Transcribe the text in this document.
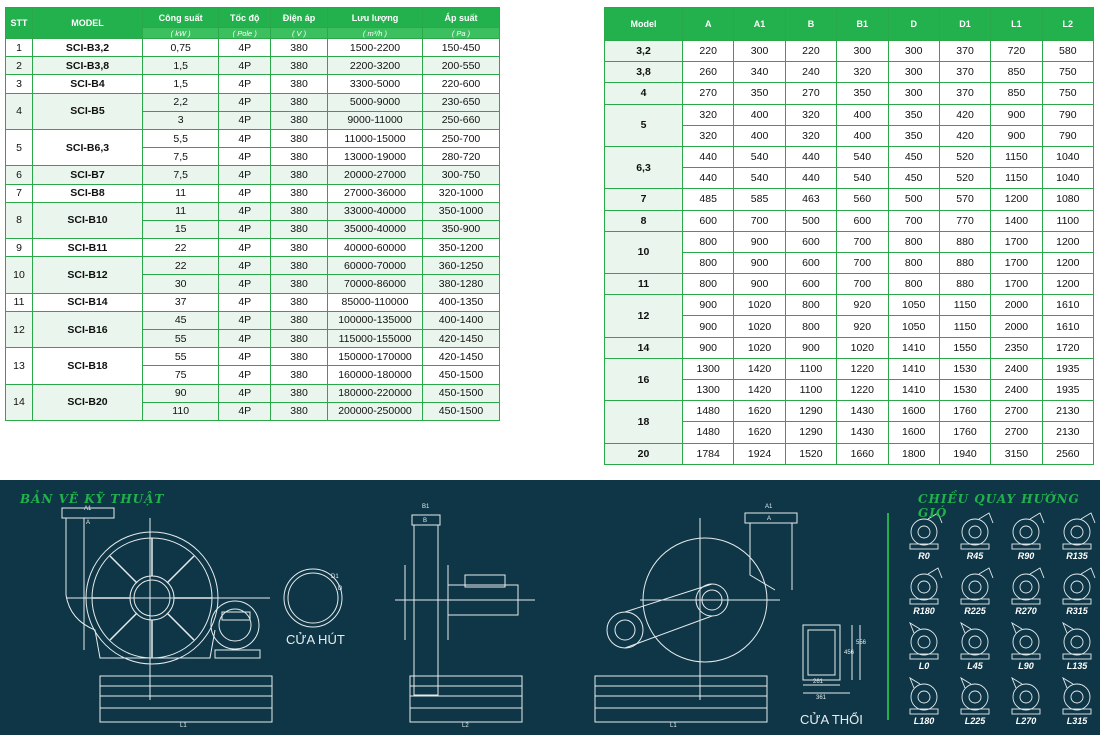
STT	MODEL	Công suất	Tốc độ	Điện áp	Lưu lượng	Áp suất
		( kW )	( Pole )	( V )	( m³/h )	( Pa )
1	SCI-B3,2	0,75	4P	380	1500-2200	150-450
2	SCI-B3,8	1,5	4P	380	2200-3200	200-550
3	SCI-B4	1,5	4P	380	3300-5000	220-600
4	SCI-B5	2,2	4P	380	5000-9000	230-650
		3	4P	380	9000-11000	250-660
5	SCI-B6,3	5,5	4P	380	11000-15000	250-700
		7,5	4P	380	13000-19000	280-720
6	SCI-B7	7,5	4P	380	20000-27000	300-750
7	SCI-B8	11	4P	380	27000-36000	320-1000
8	SCI-B10	11	4P	380	33000-40000	350-1000
		15	4P	380	35000-40000	350-900
9	SCI-B11	22	4P	380	40000-60000	350-1200
10	SCI-B12	22	4P	380	60000-70000	360-1250
		30	4P	380	70000-86000	380-1280
11	SCI-B14	37	4P	380	85000-110000	400-1350
12	SCI-B16	45	4P	380	100000-135000	400-1400
		55	4P	380	115000-155000	420-1450
13	SCI-B18	55	4P	380	150000-170000	420-1450
		75	4P	380	160000-180000	450-1500
14	SCI-B20	90	4P	380	180000-220000	450-1500
		110	4P	380	200000-250000	450-1500
Model	A	A1	B	B1	D	D1	L1	L2
3,2	220	300	220	300	300	370	720	580
3,8	260	340	240	320	300	370	850	750
4	270	350	270	350	300	370	850	750
5	320	400	320	400	350	420	900	790
	320	400	320	400	350	420	900	790
6,3	440	540	440	540	450	520	1150	1040
	440	540	440	540	450	520	1150	1040
7	485	585	463	560	500	570	1200	1080
8	600	700	500	600	700	770	1400	1100
10	800	900	600	700	800	880	1700	1200
	800	900	600	700	800	880	1700	1200
11	800	900	600	700	800	880	1700	1200
12	900	1020	800	920	1050	1150	2000	1610
	900	1020	800	920	1050	1150	2000	1610
14	900	1020	900	1020	1410	1550	2350	1720
16	1300	1420	1100	1220	1410	1530	2400	1935
	1300	1420	1100	1220	1410	1530	2400	1935
18	1480	1620	1290	1430	1600	1760	2700	2130
	1480	1620	1290	1430	1600	1760	2700	2130
20	1784	1924	1520	1660	1800	1940	3150	2560
BẢN VẼ KỸ THUẬT	CHIỀU QUAY HƯỚNG GIÓ
CỬA HÚT
CỬA THỔI
A1
A
L1
D1
D
B1
B
L2
A1
A
L1
261
361
456
556
R0	R45	R90	R135
R180	R225	R270	R315
L0	L45	L90	L135
L180	L225	L270	L315
